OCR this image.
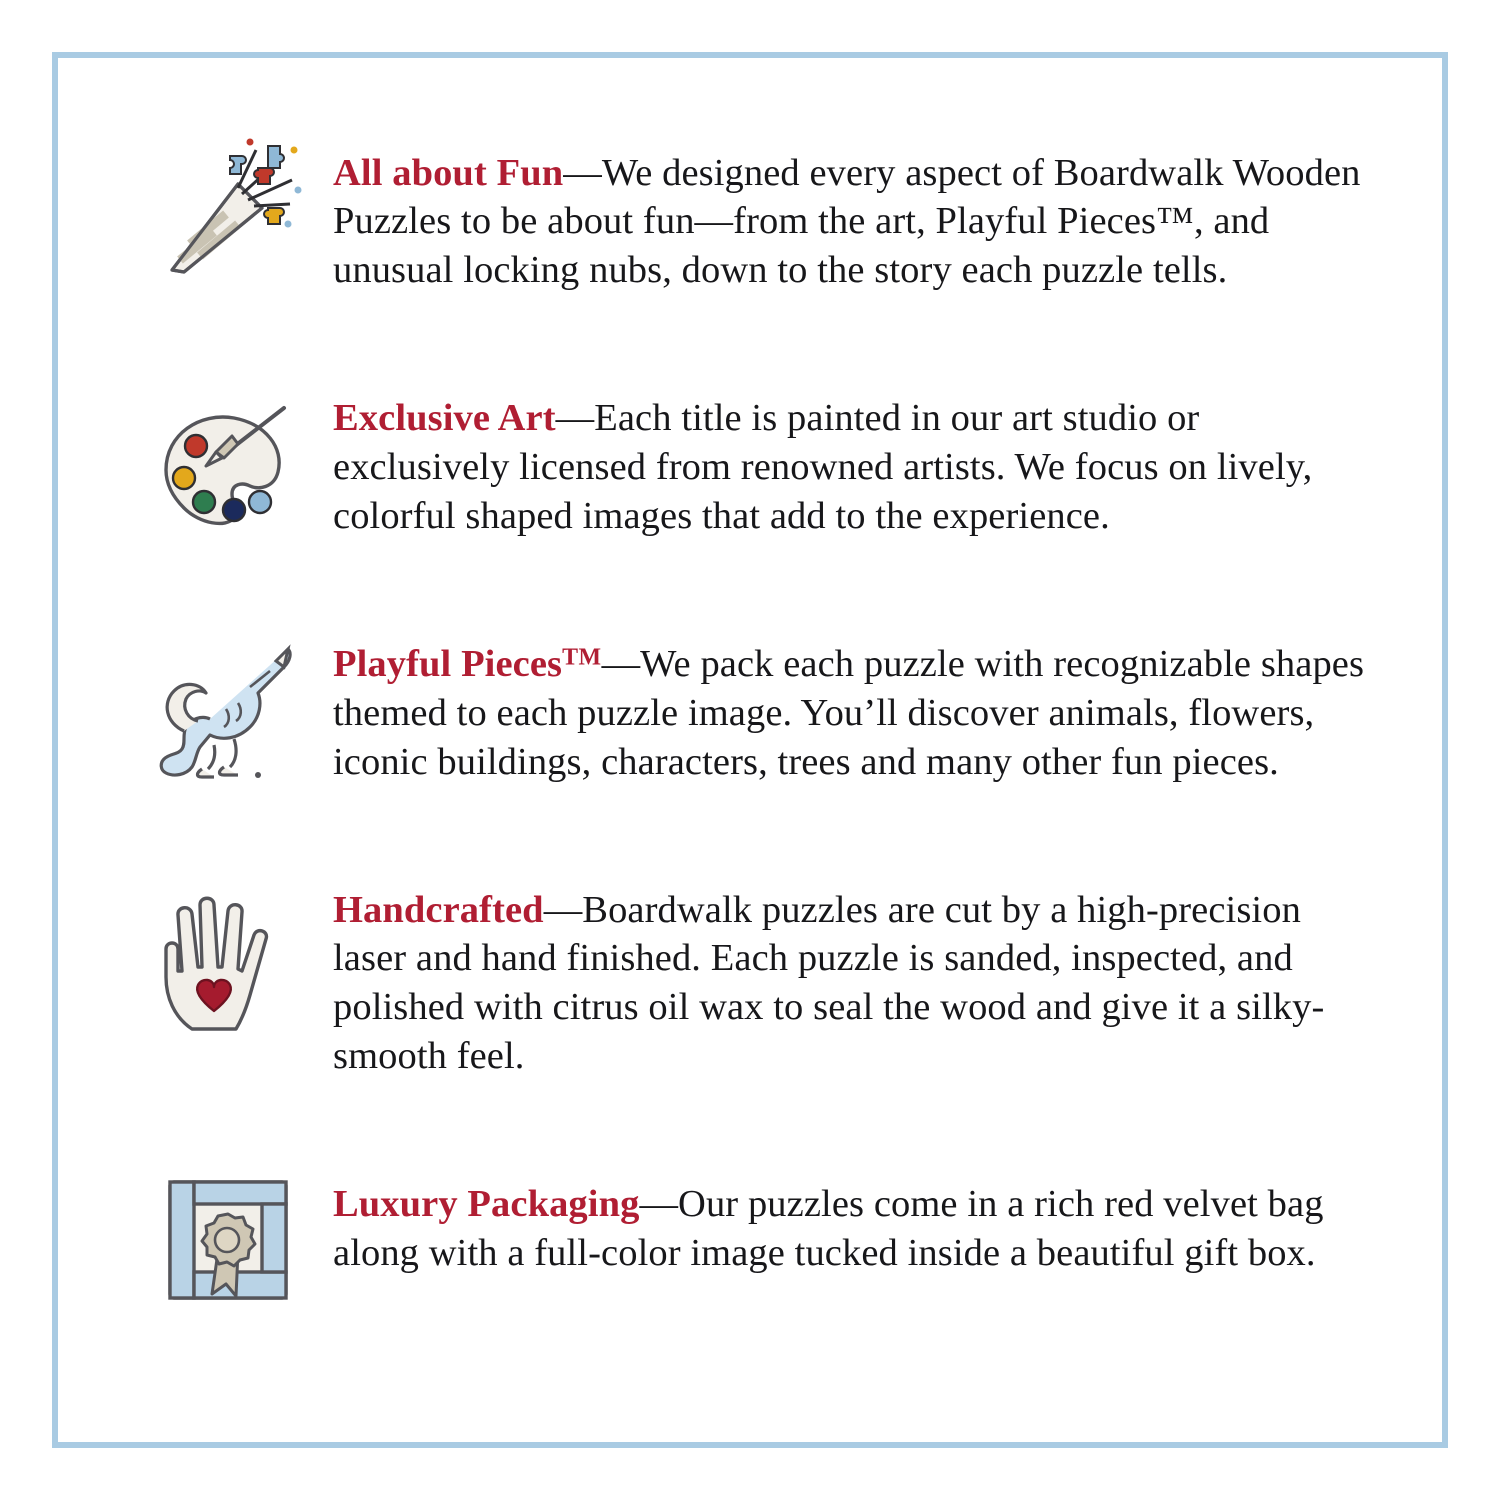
All about Fun—We designed every aspect of Boardwalk Wooden Puzzles to be about fun—from the art, Playful Pieces™, and unusual locking nubs, down to the story each puzzle tells.

Exclusive Art—Each title is painted in our art studio or exclusively licensed from renowned artists. We focus on lively, colorful shaped images that add to the experience.

Playful Pieces™—We pack each puzzle with recognizable shapes themed to each puzzle image. You’ll discover animals, flowers, iconic buildings, characters, trees and many other fun pieces.

Handcrafted—Boardwalk puzzles are cut by a high-precision laser and hand finished. Each puzzle is sanded, inspected, and polished with citrus oil wax to seal the wood and give it a silky-smooth feel.

Luxury Packaging—Our puzzles come in a rich red velvet bag along with a full-color image tucked inside a beautiful gift box.
